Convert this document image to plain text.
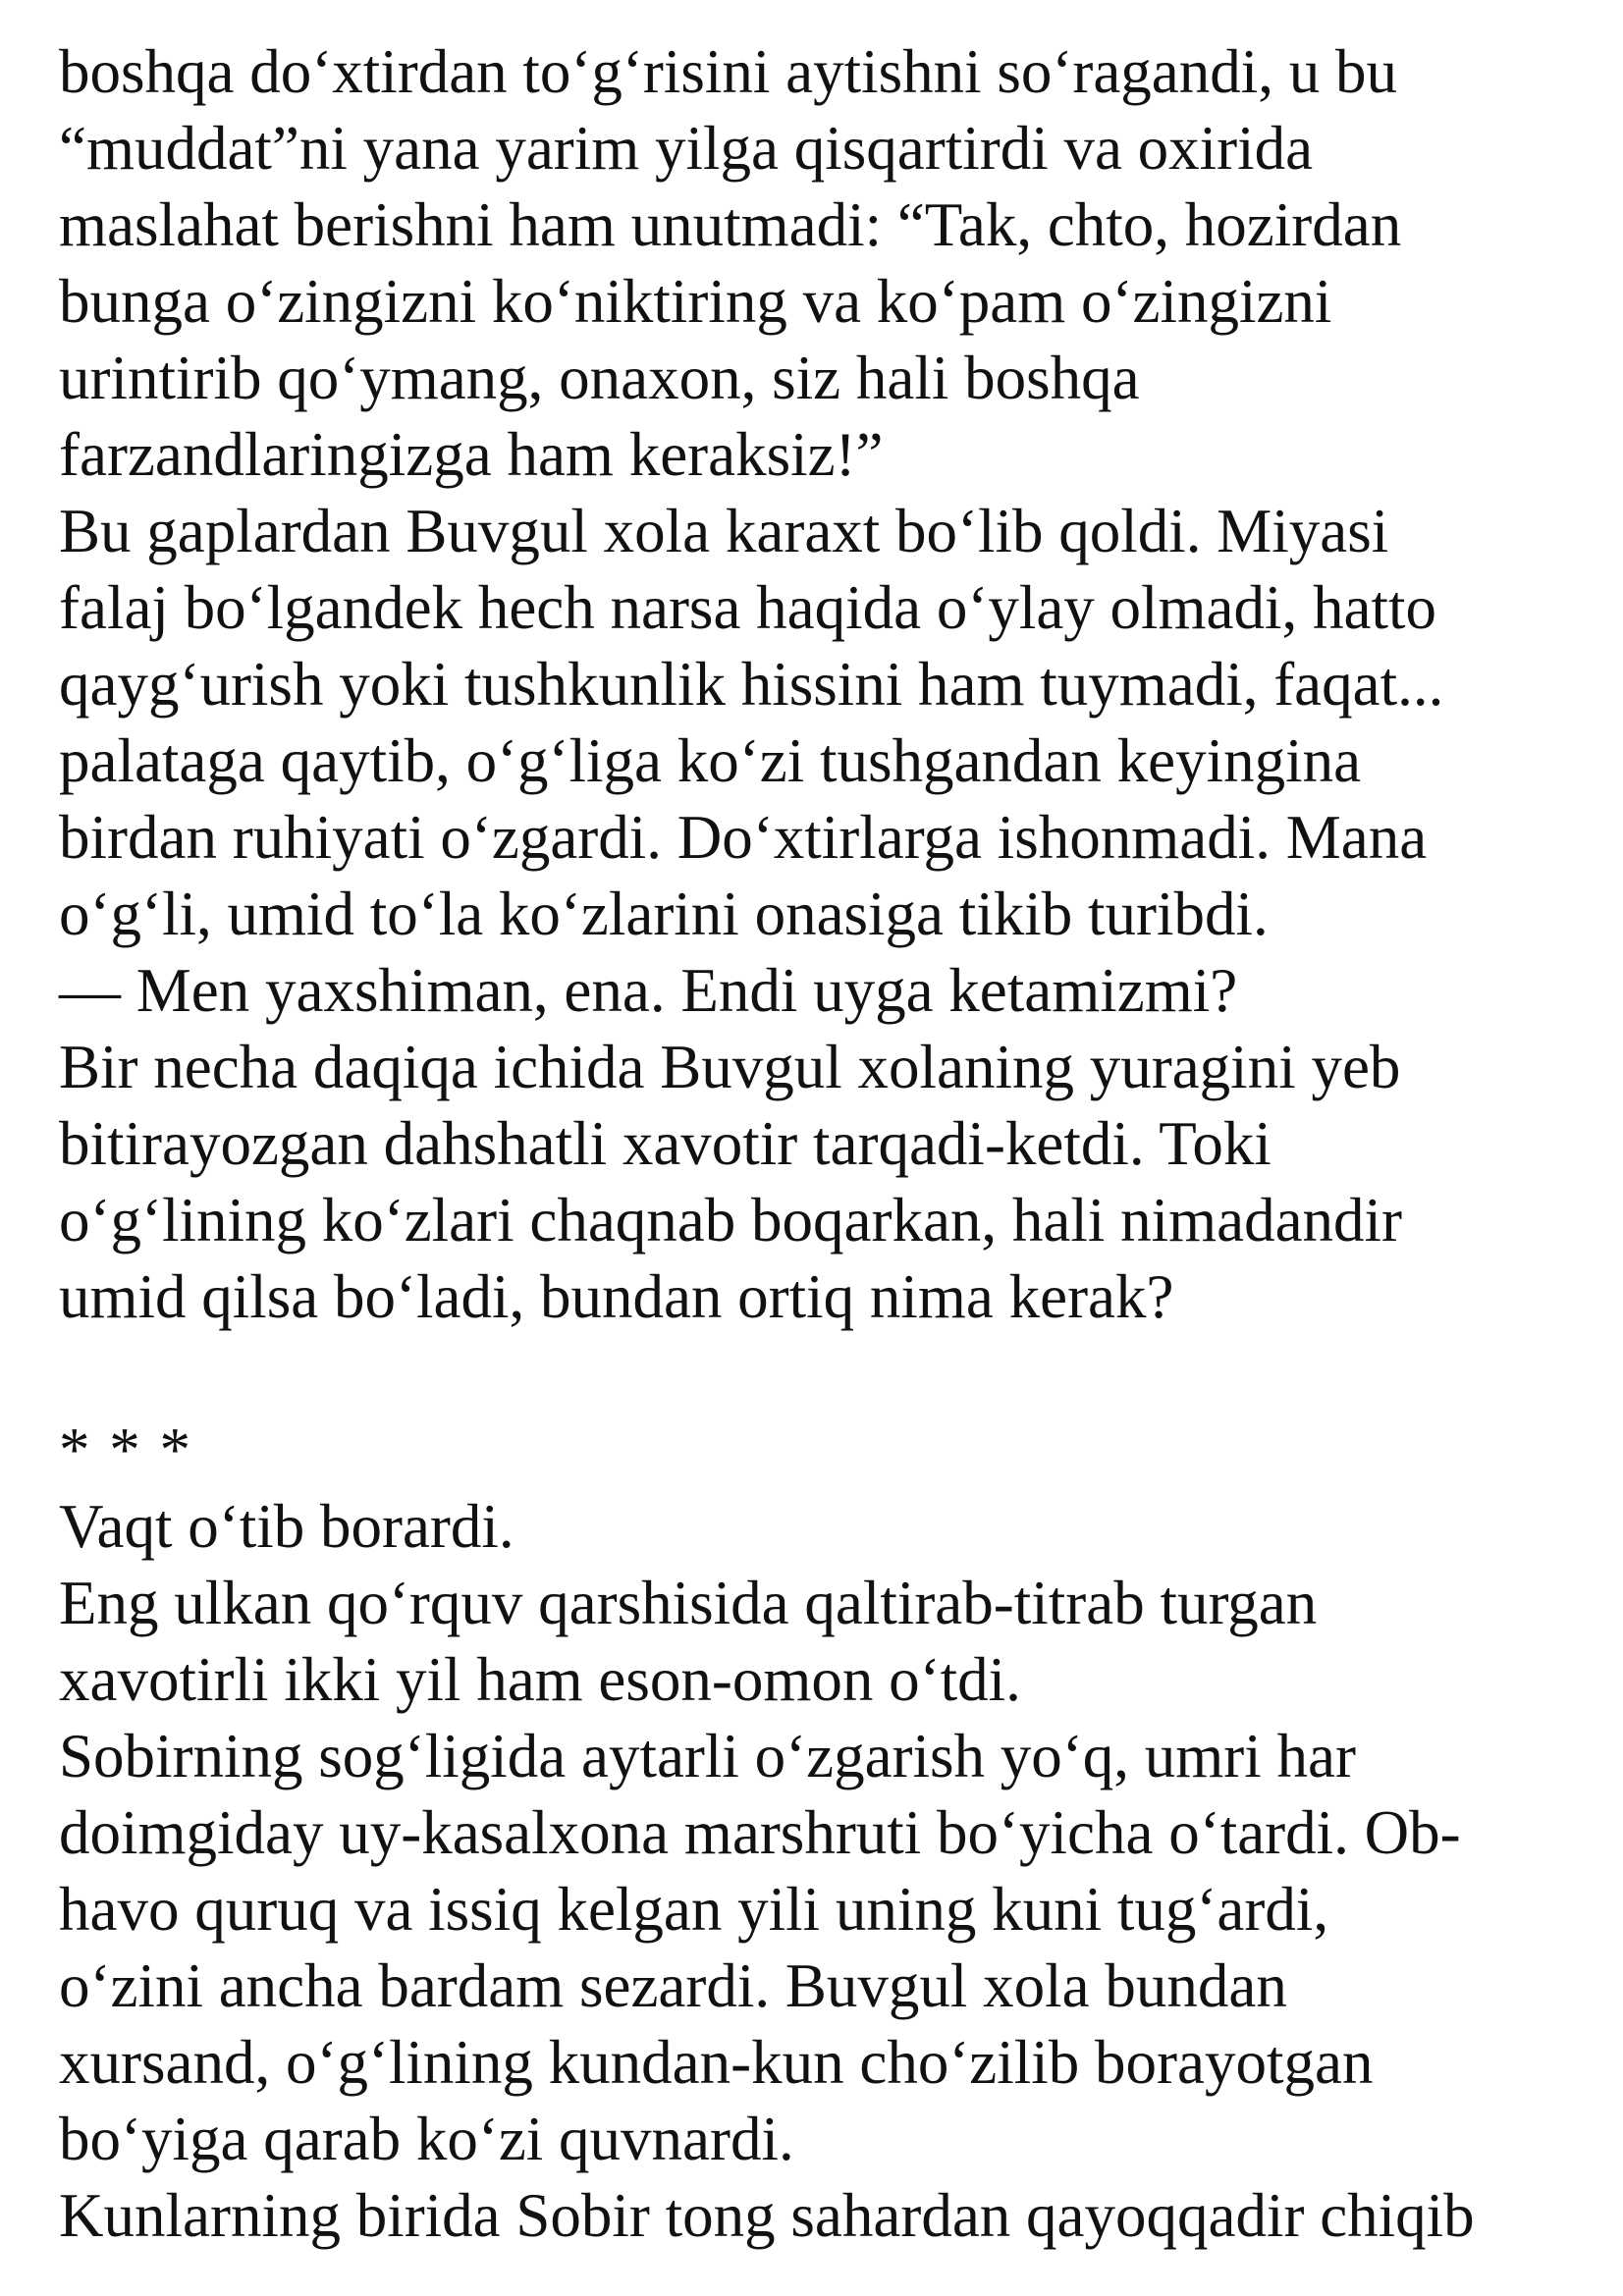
boshqa do‘xtirdan to‘g‘risini aytishni so‘ragandi, u bu
“muddat”ni yana yarim yilga qisqartirdi va oxirida
maslahat berishni ham unutmadi: “Tak, chto, hozirdan
bunga o‘zingizni ko‘niktiring va ko‘pam o‘zingizni
urintirib qo‘ymang, onaxon, siz hali boshqa
farzandlaringizga ham keraksiz!”
Bu gaplardan Buvgul xola karaxt bo‘lib qoldi. Miyasi
falaj bo‘lgandek hech narsa haqida o‘ylay olmadi, hatto
qayg‘urish yoki tushkunlik hissini ham tuymadi, faqat...
palataga qaytib, o‘g‘liga ko‘zi tushgandan keyingina
birdan ruhiyati o‘zgardi. Do‘xtirlarga ishonmadi. Mana
o‘g‘li, umid to‘la ko‘zlarini onasiga tikib turibdi.
— Men yaxshiman, ena. Endi uyga ketamizmi?
Bir necha daqiqa ichida Buvgul xolaning yuragini yeb
bitirayozgan dahshatli xavotir tarqadi-ketdi. Toki
o‘g‘lining ko‘zlari chaqnab boqarkan, hali nimadandir
umid qilsa bo‘ladi, bundan ortiq nima kerak?
* * *
Vaqt o‘tib borardi.
Eng ulkan qo‘rquv qarshisida qaltirab-titrab turgan
xavotirli ikki yil ham eson-omon o‘tdi.
Sobirning sog‘ligida aytarli o‘zgarish yo‘q, umri har
doimgiday uy-kasalxona marshruti bo‘yicha o‘tardi. Ob-
havo quruq va issiq kelgan yili uning kuni tug‘ardi,
o‘zini ancha bardam sezardi. Buvgul xola bundan
xursand, o‘g‘lining kundan-kun cho‘zilib borayotgan
bo‘yiga qarab ko‘zi quvnardi.
Kunlarning birida Sobir tong sahardan qayoqqadir chiqib
